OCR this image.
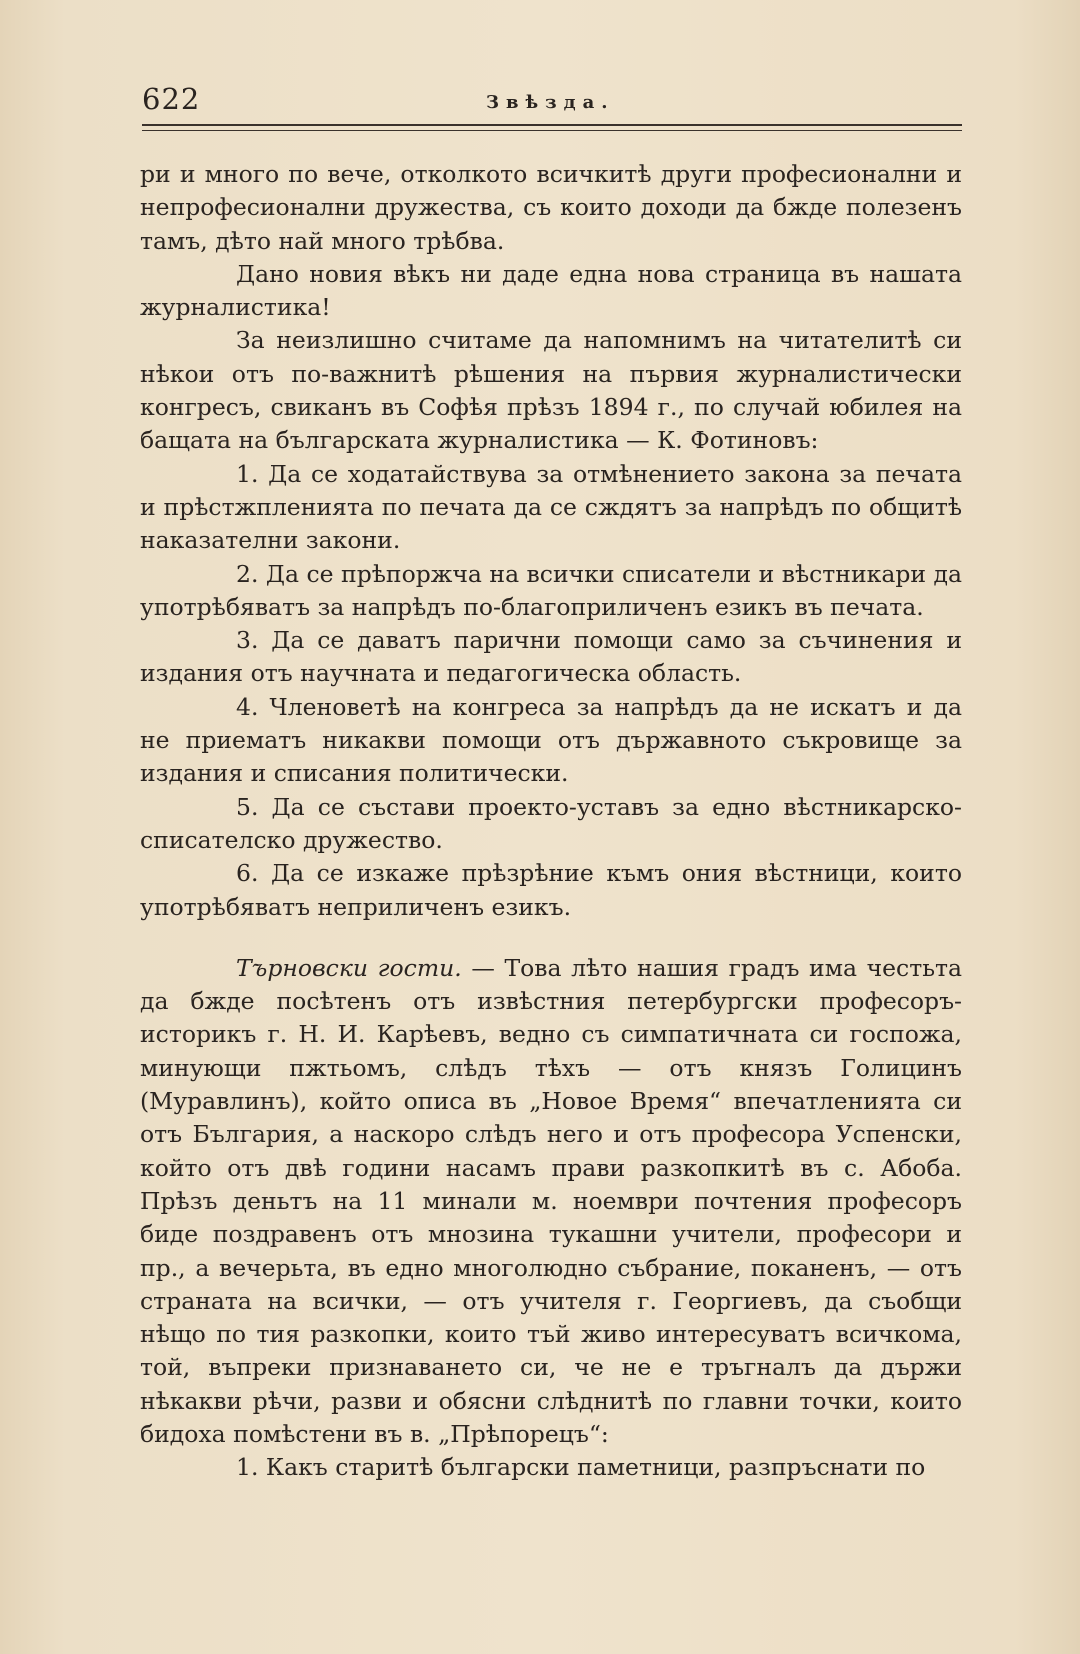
622	Звѣзда.

ри и много по вече, отколкото всичкитѣ други професионални и непрофесионални дружества, съ които доходи да бжде полезенъ тамъ, дѣто най много трѣбва.

Дано новия вѣкъ ни даде една нова страница въ нашата журналистика!

За неизлишно считаме да напомнимъ на читателитѣ си нѣкои отъ по-важнитѣ рѣшения на първия журналистически конгресъ, свиканъ въ Софѣя прѣзъ 1894 г., по случай юбилея на бащата на българската журналистика — К. Фотиновъ:

1. Да се ходатайствува за отмѣнението закона за печата и прѣстжпленията по печата да се сждятъ за напрѣдъ по общитѣ наказателни закони.

2. Да се прѣпоржча на всички списатели и вѣстникари да употрѣбяватъ за напрѣдъ по-благоприличенъ езикъ въ печата.

3. Да се даватъ парични помощи само за съчинения и издания отъ научната и педагогическа область.

4. Членоветѣ на конгреса за напрѣдъ да не искатъ и да не приематъ никакви помощи отъ държавното съкровище за издания и списания политически.

5. Да се състави проекто-уставъ за едно вѣстникарско-списателско дружество.

6. Да се изкаже прѣзрѣние къмъ ония вѣстници, които употрѣбяватъ неприличенъ езикъ.

Търновски гости. — Това лѣто нашия градъ има честьта да бжде посѣтенъ отъ извѣстния петербургски професоръ-историкъ г. Н. И. Карѣевъ, ведно съ симпатичната си госпожа, минующи пжтьомъ, слѣдъ тѣхъ — отъ князъ Голицинъ (Муравлинъ), който описа въ „Новое Время“ впечатленията си отъ България, а наскоро слѣдъ него и отъ професора Успенски, който отъ двѣ години насамъ прави разкопкитѣ въ с. Абоба. Прѣзъ деньтъ на 11 минали м. ноември почтения професоръ биде поздравенъ отъ мнозина тукашни учители, професори и пр., а вечерьта, въ едно многолюдно събрание, поканенъ, — отъ страната на всички, — отъ учителя г. Георгиевъ, да съобщи нѣщо по тия разкопки, които тъй живо интересуватъ всичкома, той, въпреки признаването си, че не е тръгналъ да държи нѣкакви рѣчи, разви и обясни слѣднитѣ по главни точки, които бидоха помѣстени въ в. „Прѣпорецъ“:

1. Какъ старитѣ български паметници, разпръснати по
